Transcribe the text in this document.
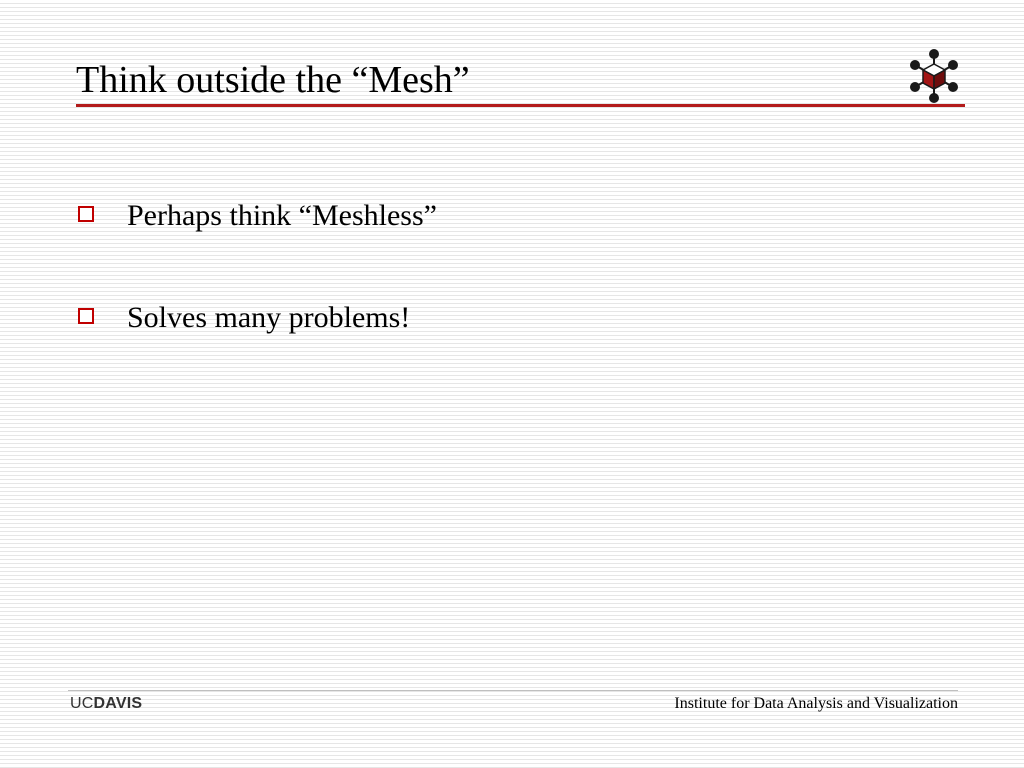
Think outside the “Mesh”
Perhaps think “Meshless”
Solves many problems!
UCDAVIS	Institute for Data Analysis and Visualization
